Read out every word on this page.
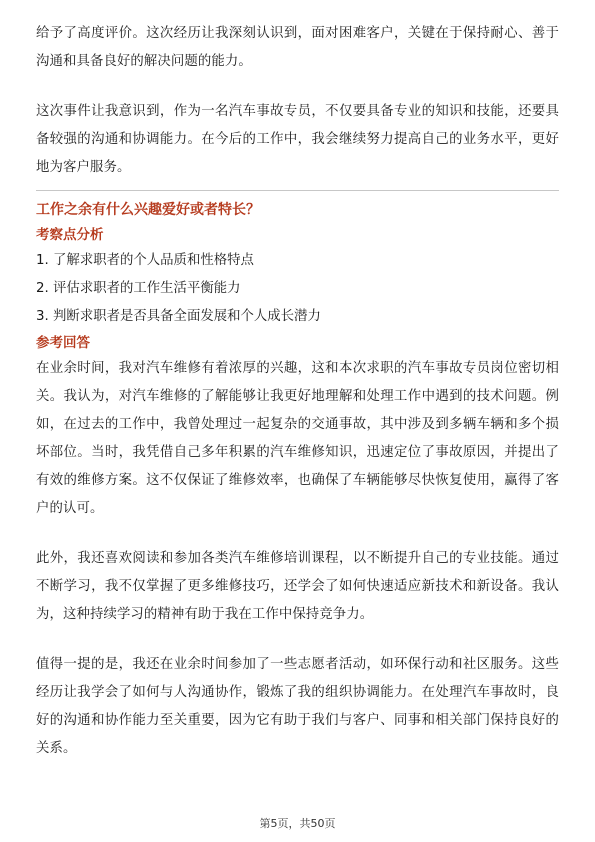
给予了高度评价。这次经历让我深刻认识到，面对困难客户，关键在于保持耐心、善于沟通和具备良好的解决问题的能力。

这次事件让我意识到，作为一名汽车事故专员，不仅要具备专业的知识和技能，还要具备较强的沟通和协调能力。在今后的工作中，我会继续努力提高自己的业务水平，更好地为客户服务。

工作之余有什么兴趣爱好或者特长？

考察点分析

1. 了解求职者的个人品质和性格特点

2. 评估求职者的工作生活平衡能力

3. 判断求职者是否具备全面发展和个人成长潜力

参考回答

在业余时间，我对汽车维修有着浓厚的兴趣，这和本次求职的汽车事故专员岗位密切相关。我认为，对汽车维修的了解能够让我更好地理解和处理工作中遇到的技术问题。例如，在过去的工作中，我曾处理过一起复杂的交通事故，其中涉及到多辆车辆和多个损坏部位。当时，我凭借自己多年积累的汽车维修知识，迅速定位了事故原因，并提出了有效的维修方案。这不仅保证了维修效率，也确保了车辆能够尽快恢复使用，赢得了客户的认可。

此外，我还喜欢阅读和参加各类汽车维修培训课程，以不断提升自己的专业技能。通过不断学习，我不仅掌握了更多维修技巧，还学会了如何快速适应新技术和新设备。我认为，这种持续学习的精神有助于我在工作中保持竞争力。

值得一提的是，我还在业余时间参加了一些志愿者活动，如环保行动和社区服务。这些经历让我学会了如何与人沟通协作，锻炼了我的组织协调能力。在处理汽车事故时，良好的沟通和协作能力至关重要，因为它有助于我们与客户、同事和相关部门保持良好的关系。

第5页，共50页
